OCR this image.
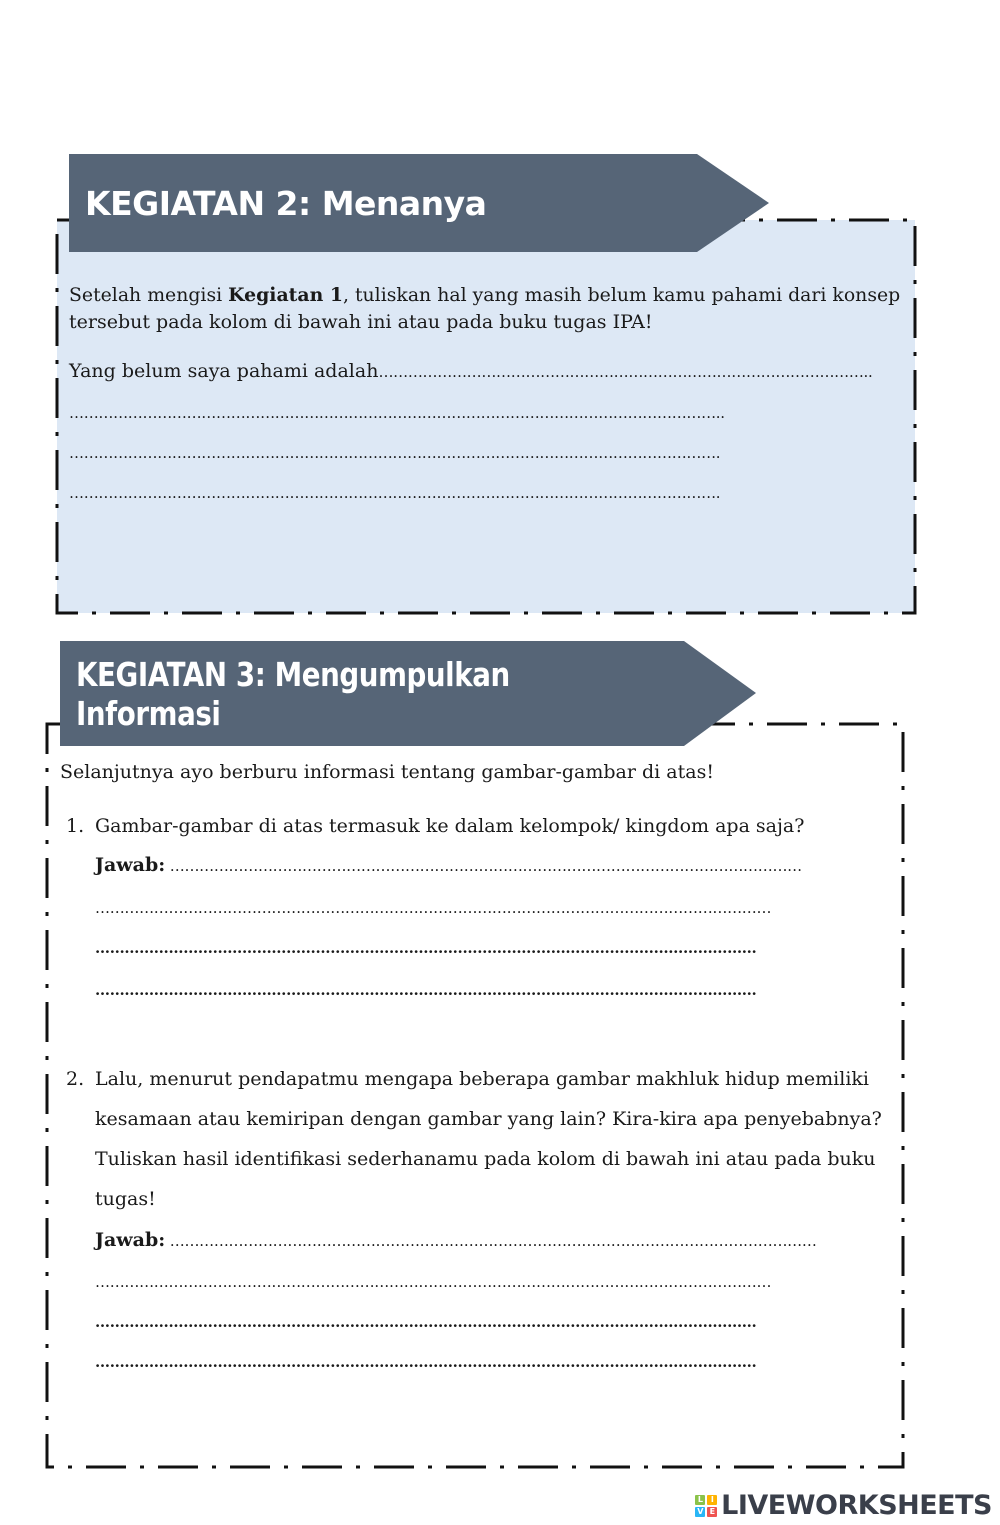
KEGIATAN 2: Menanya
Setelah mengisi Kegiatan 1, tuliskan hal yang masih belum kamu pahami dari konsep
tersebut pada kolom di bawah ini atau pada buku tugas IPA!
Yang belum saya pahami adalah………………………………………………………………………………………..
……………………………………………………………………………………………………………………..
…………………………………………………………………………………………………………………….
…………………………………………………………………………………………………………………….
KEGIATAN 3: Mengumpulkan Informasi
Selanjutnya ayo berburu informasi tentang gambar-gambar di atas!
1. Gambar-gambar di atas termasuk ke dalam kelompok/ kingdom apa saja?
Jawab: …………………………………………………………………………………………………………………
…………………………………………………………………………………………………………………………
………………………………………………………………………………………………………………………
………………………………………………………………………………………………………………………
2. Lalu, menurut pendapatmu mengapa beberapa gambar makhluk hidup memiliki
kesamaan atau kemiripan dengan gambar yang lain? Kira-kira apa penyebabnya?
Tuliskan hasil identifikasi sederhanamu pada kolom di bawah ini atau pada buku
tugas!
Jawab: ……………………………………………………………………………………………………………………
…………………………………………………………………………………………………………………………
………………………………………………………………………………………………………………………
………………………………………………………………………………………………………………………
L	I
V E LIVEWORKSHEETS
